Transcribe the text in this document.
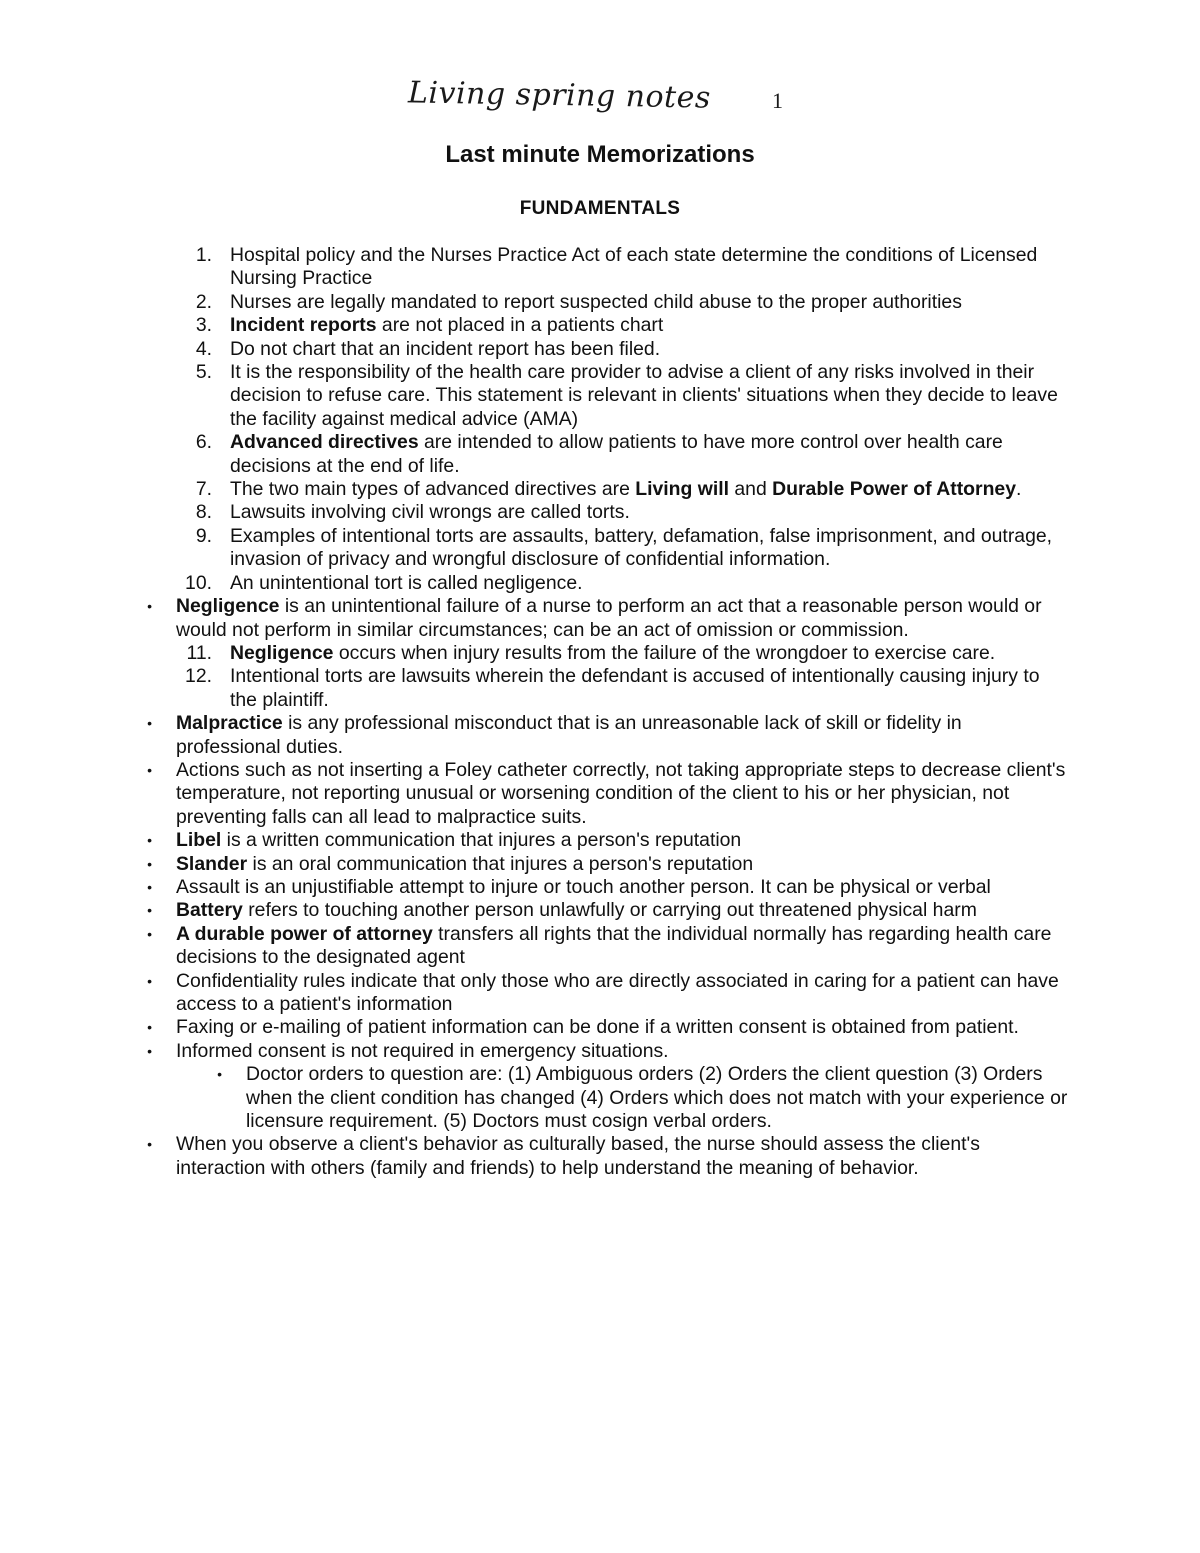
Living spring notes	1
Last minute Memorizations
FUNDAMENTALS
1. Hospital policy and the Nurses Practice Act of each state determine the conditions of Licensed Nursing Practice
2. Nurses are legally mandated to report suspected child abuse to the proper authorities
3. Incident reports are not placed in a patients chart
4. Do not chart that an incident report has been filed.
5. It is the responsibility of the health care provider to advise a client of any risks involved in their decision to refuse care. This statement is relevant in clients' situations when they decide to leave the facility against medical advice (AMA)
6. Advanced directives are intended to allow patients to have more control over health care decisions at the end of life.
7. The two main types of advanced directives are Living will and Durable Power of Attorney.
8. Lawsuits involving civil wrongs are called torts.
9. Examples of intentional torts are assaults, battery, defamation, false imprisonment, and outrage, invasion of privacy and wrongful disclosure of confidential information.
10. An unintentional tort is called negligence.
• Negligence is an unintentional failure of a nurse to perform an act that a reasonable person would or would not perform in similar circumstances; can be an act of omission or commission.
11. Negligence occurs when injury results from the failure of the wrongdoer to exercise care.
12. Intentional torts are lawsuits wherein the defendant is accused of intentionally causing injury to the plaintiff.
• Malpractice is any professional misconduct that is an unreasonable lack of skill or fidelity in professional duties.
• Actions such as not inserting a Foley catheter correctly, not taking appropriate steps to decrease client's temperature, not reporting unusual or worsening condition of the client to his or her physician, not preventing falls can all lead to malpractice suits.
• Libel is a written communication that injures a person's reputation
• Slander is an oral communication that injures a person's reputation
• Assault is an unjustifiable attempt to injure or touch another person. It can be physical or verbal
• Battery refers to touching another person unlawfully or carrying out threatened physical harm
• A durable power of attorney transfers all rights that the individual normally has regarding health care decisions to the designated agent
• Confidentiality rules indicate that only those who are directly associated in caring for a patient can have access to a patient's information
• Faxing or e-mailing of patient information can be done if a written consent is obtained from patient.
• Informed consent is not required in emergency situations.
• Doctor orders to question are: (1) Ambiguous orders (2) Orders the client question (3) Orders when the client condition has changed (4) Orders which does not match with your experience or licensure requirement. (5) Doctors must cosign verbal orders.
• When you observe a client's behavior as culturally based, the nurse should assess the client's interaction with others (family and friends) to help understand the meaning of behavior.
